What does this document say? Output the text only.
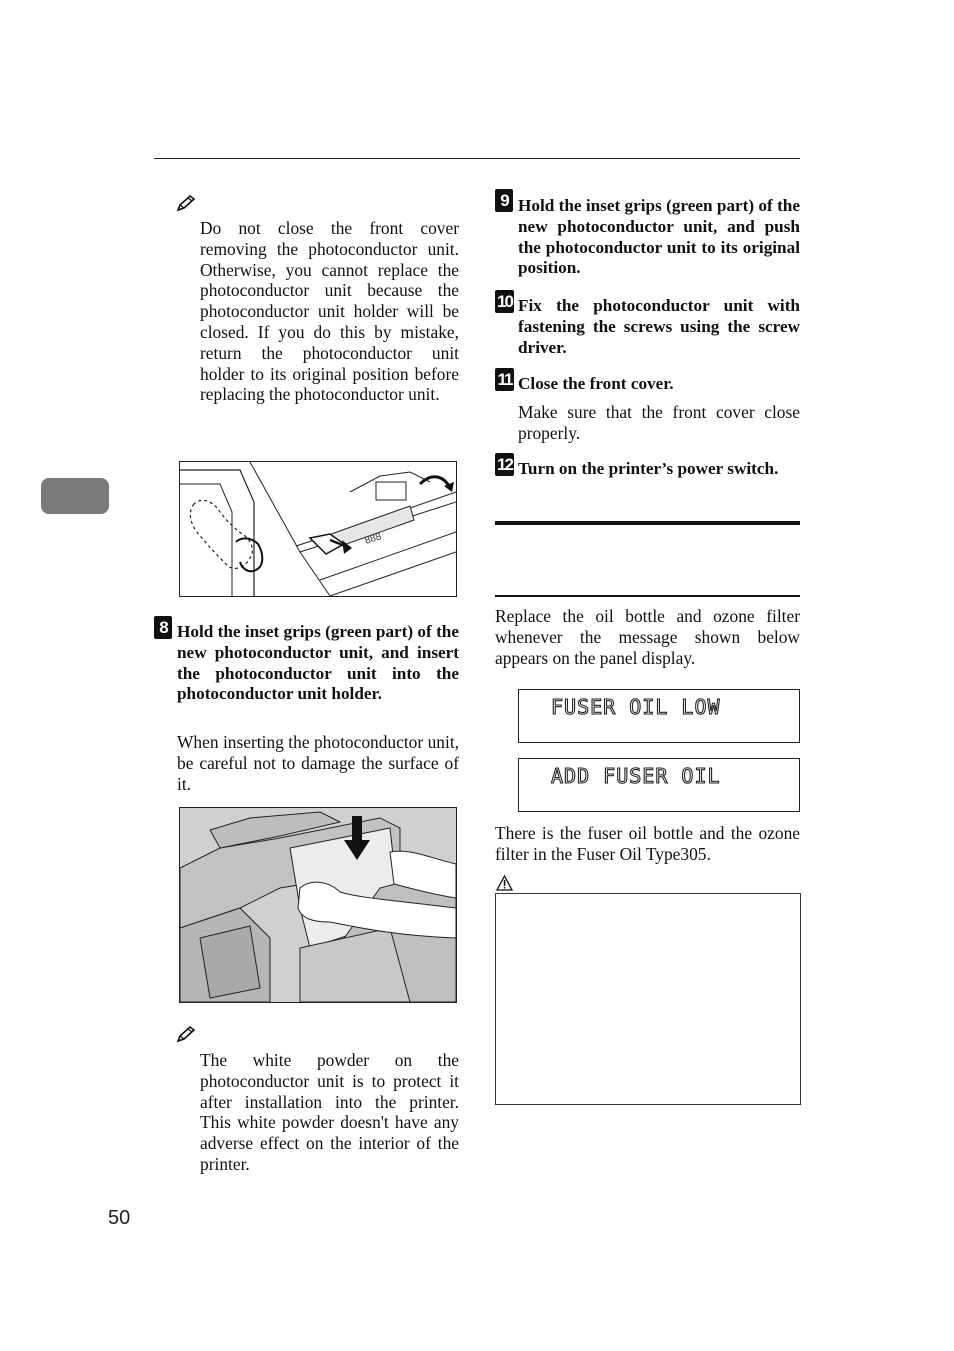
Do not close the front cover removing the photoconductor unit. Otherwise, you cannot replace the photoconductor unit because the photoconductor unit holder will be closed. If you do this by mistake, return the photoconductor unit holder to its original position before replacing the photoconductor unit.
888
8 Hold the inset grips (green part) of the new photoconductor unit, and insert the photoconductor unit into the photoconductor unit holder.
When inserting the photoconductor unit, be careful not to damage the surface of it.
The white powder on the photoconductor unit is to protect it after installation into the printer. This white powder doesn't have any adverse effect on the interior of the printer.
9 Hold the inset grips (green part) of the new photoconductor unit, and push the photoconductor unit to its original position.
10 Fix the photoconductor unit with fastening the screws using the screw driver.
11 Close the front cover.
Make sure that the front cover close properly.
12 Turn on the printer’s power switch.
Replace the oil bottle and ozone filter whenever the message shown below appears on the panel display.
FUSER OIL LOW
ADD FUSER OIL
There is the fuser oil bottle and the ozone filter in the Fuser Oil Type305.
50
